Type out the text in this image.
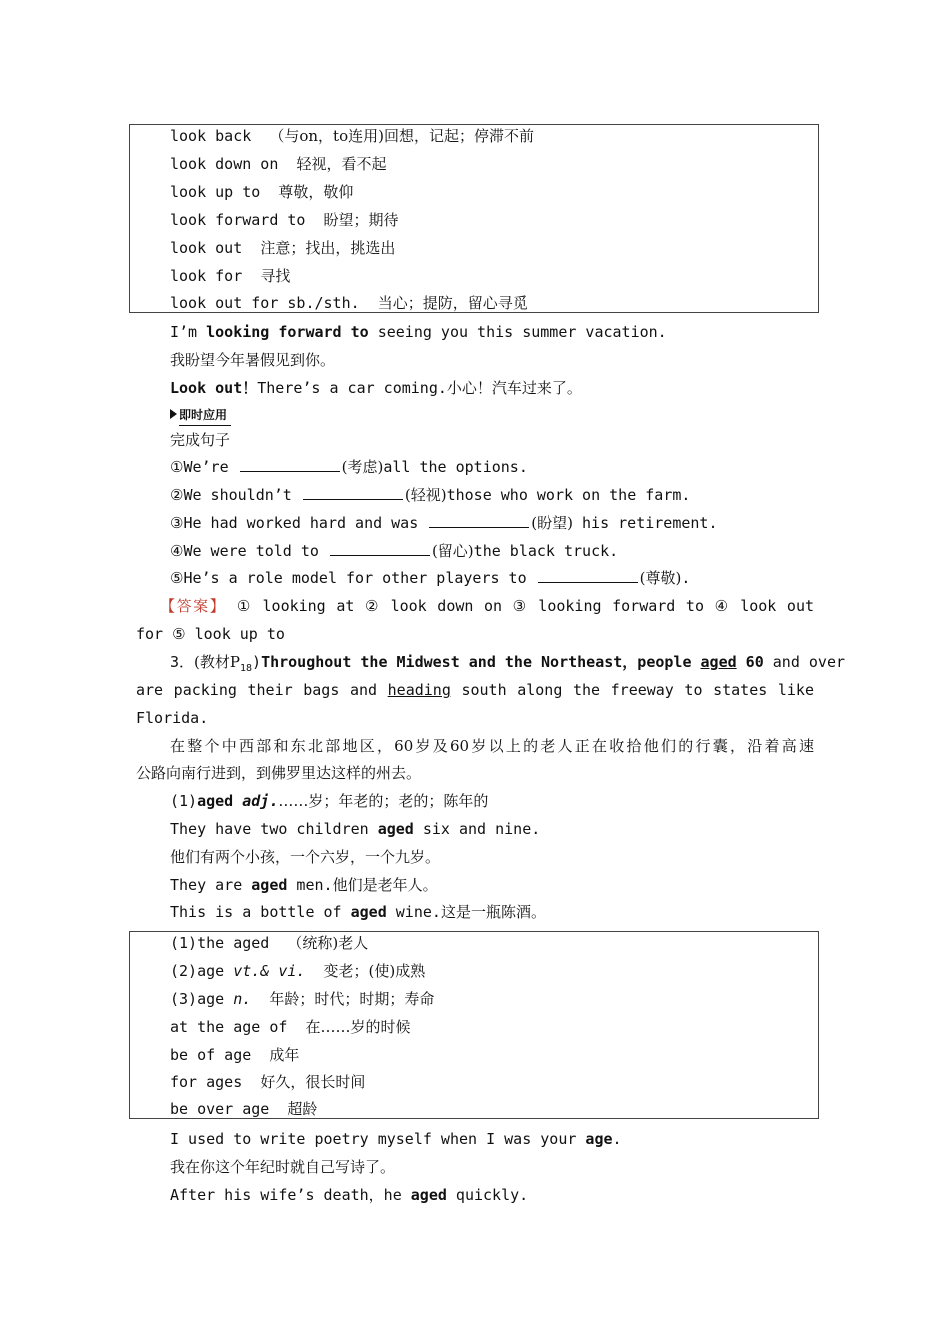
look back （与on，to连用)回想，记起；停滞不前
look down on 轻视，看不起
look up to 尊敬，敬仰
look forward to 盼望；期待
look out 注意；找出，挑选出
look for 寻找
look out for sb./sth. 当心；提防，留心寻觅
I’m looking forward to seeing you this summer vacation.
我盼望今年暑假见到你。
Look out！There’s a car coming.小心！汽车过来了。
即时应用
完成句子
①We’re	(考虑)all the options.
②We shouldn’t	(轻视)those who work on the farm.
③He had worked hard and was	(盼望) his retirement.
④We were told to	(留心)the black truck.
⑤He’s a role model for other players to	(尊敬).
【答案】 ① looking at ② look down on ③ looking forward to ④ look out
for ⑤ look up to
3．(教材$P_{18})Throughout$ the Midwest and the Northeast，people aged 60 and over
are packing their bags and heading south along the freeway to states like
Florida.
在整个中西部和东北部地区，60岁及60岁以上的老人正在收拾他们的行囊，沿着高速
公路向南行进到，到佛罗里达这样的州去。
(1)aged adj.……岁；年老的；老的；陈年的
They have two children aged six and nine.
他们有两个小孩，一个六岁，一个九岁。
They are aged men.他们是老年人。
This is a bottle of aged wine.这是一瓶陈酒。
(1)the aged （统称)老人
(2)age vt.& vi. 变老；(使)成熟
(3)age n. 年龄；时代；时期；寿命
at the age of 在……岁的时候
be of age 成年
for ages 好久，很长时间
be over age 超龄
I used to write poetry myself when I was your age.
我在你这个年纪时就自己写诗了。
After his wife’s death，he aged quickly.
